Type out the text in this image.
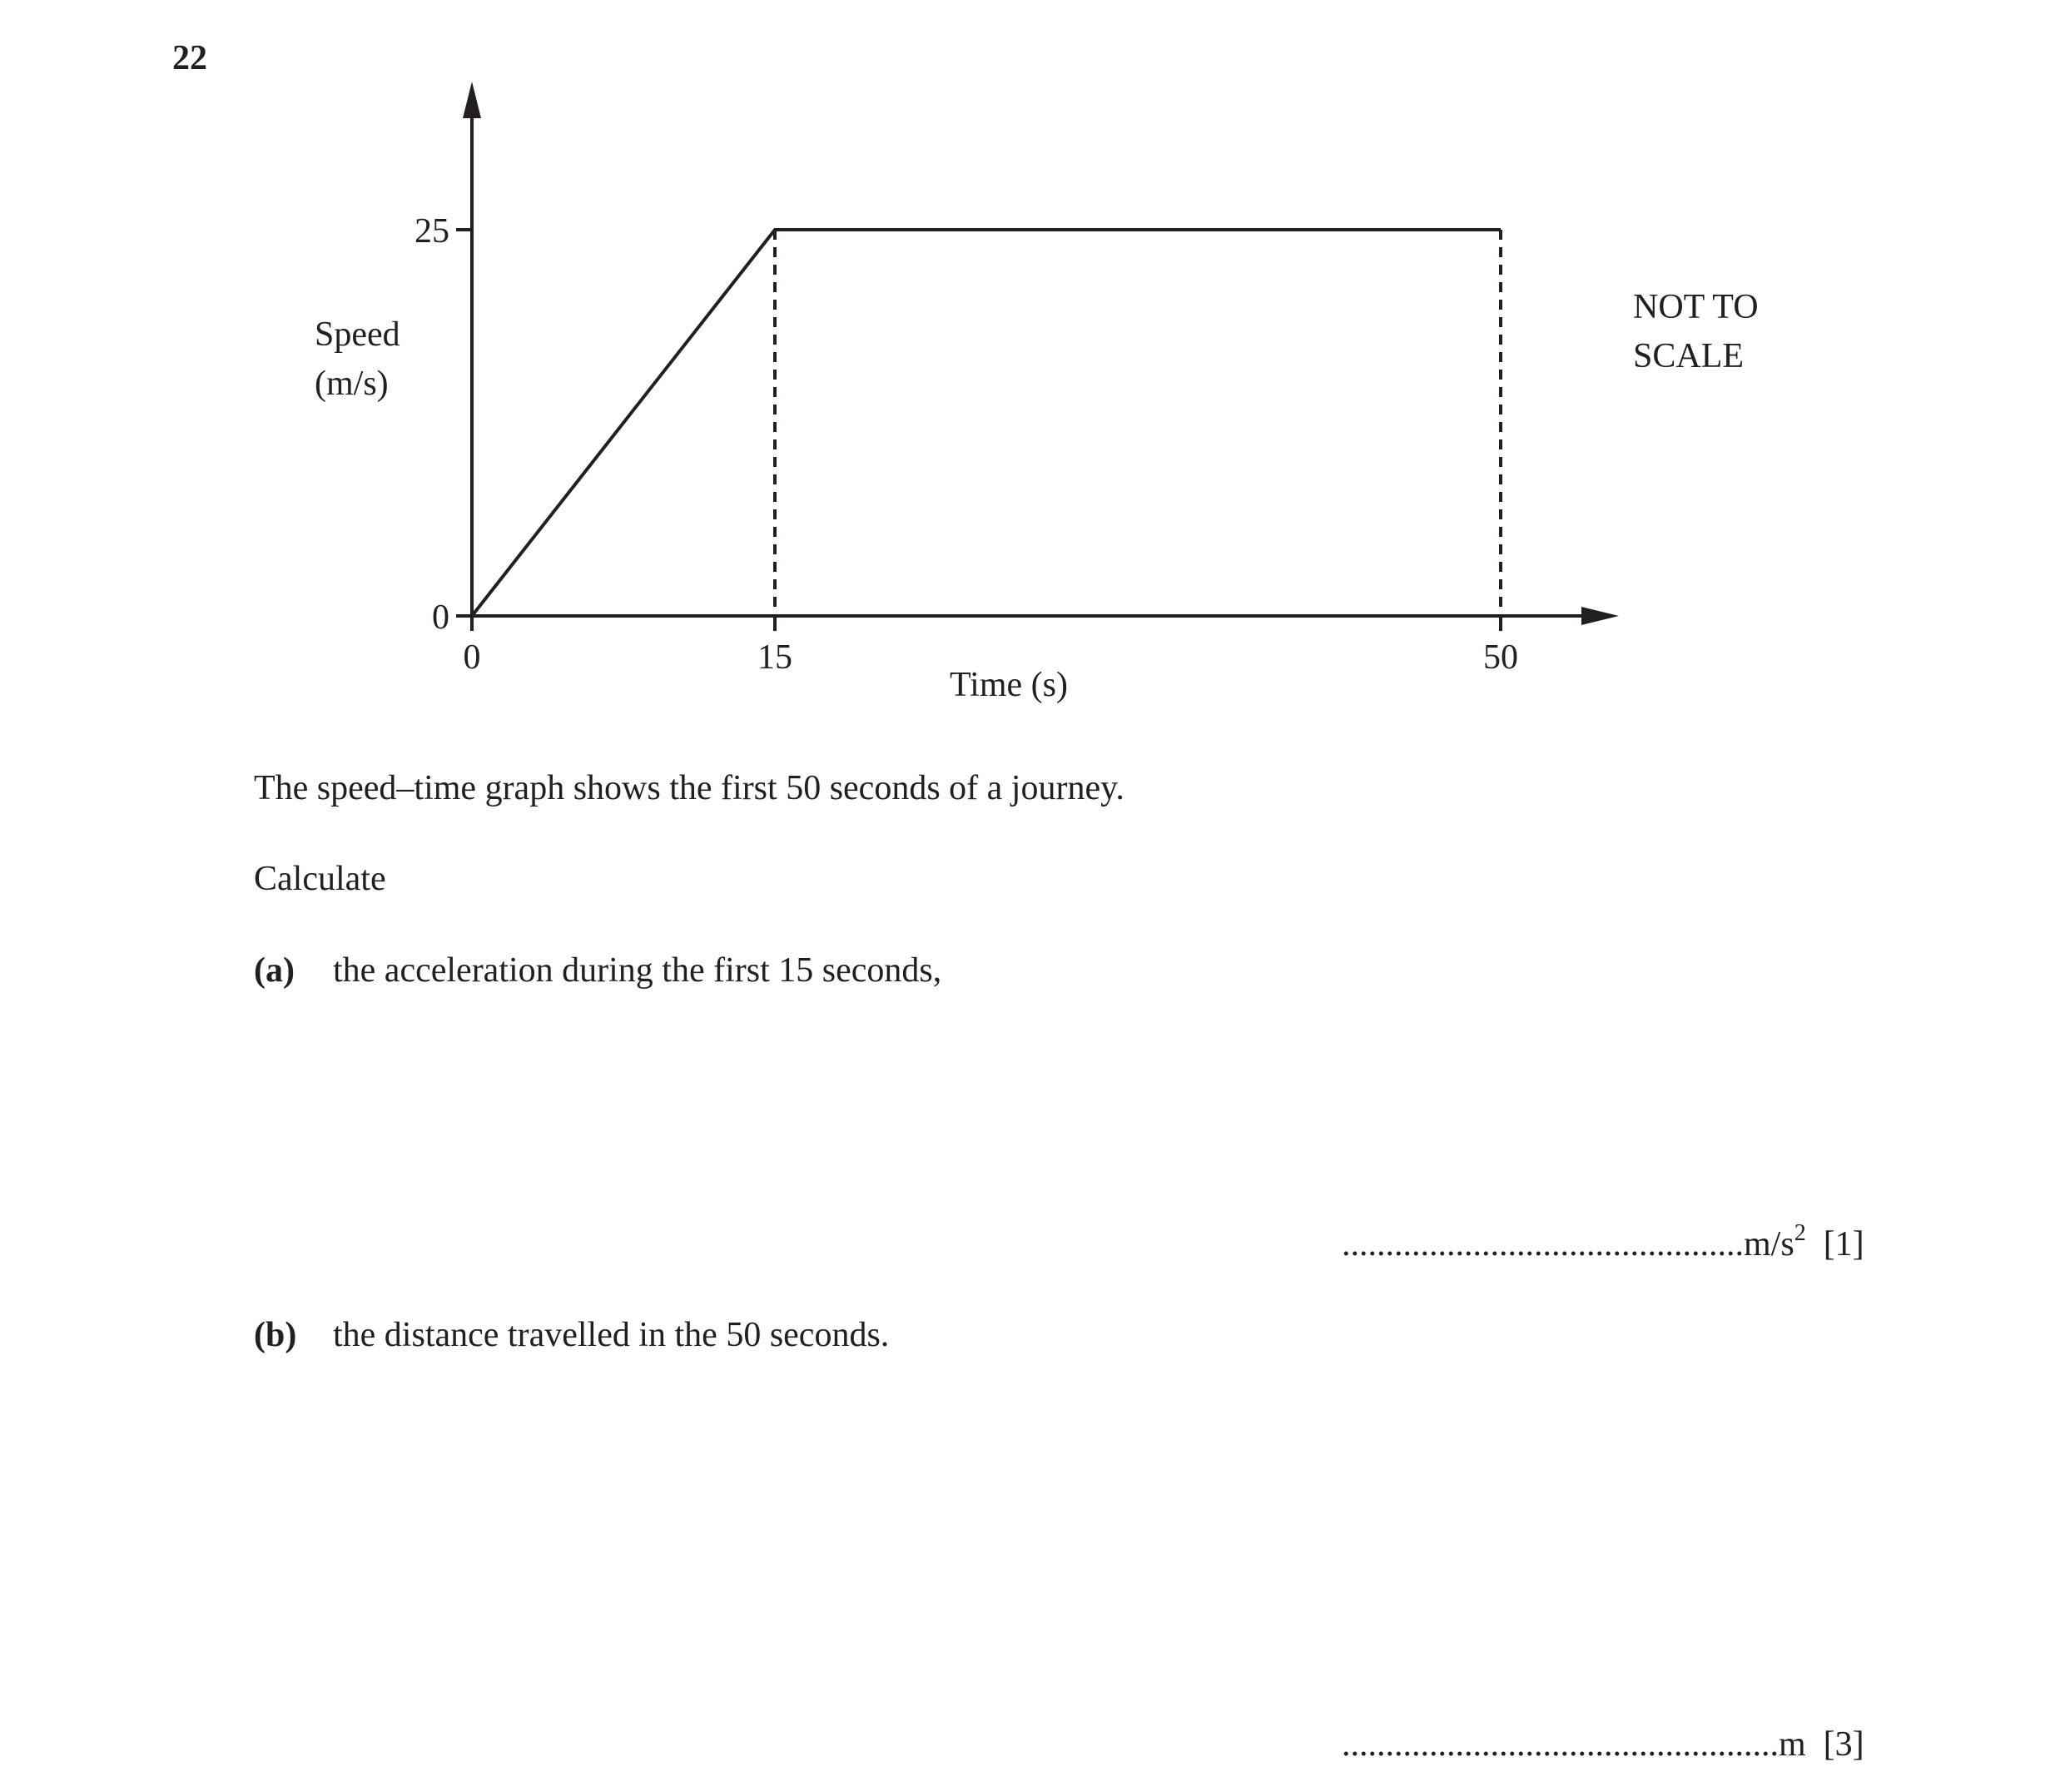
22
25
0
0	15	50
Time (s)
Speed
(m/s)
NOT TO
SCALE
The speed–time graph shows the first 50 seconds of a journey.
Calculate
(a) the acceleration during the first 15 seconds,
$..............................................m/s^2$ [1]
(b) the distance travelled in the 50 seconds.
..................................................m [3]
